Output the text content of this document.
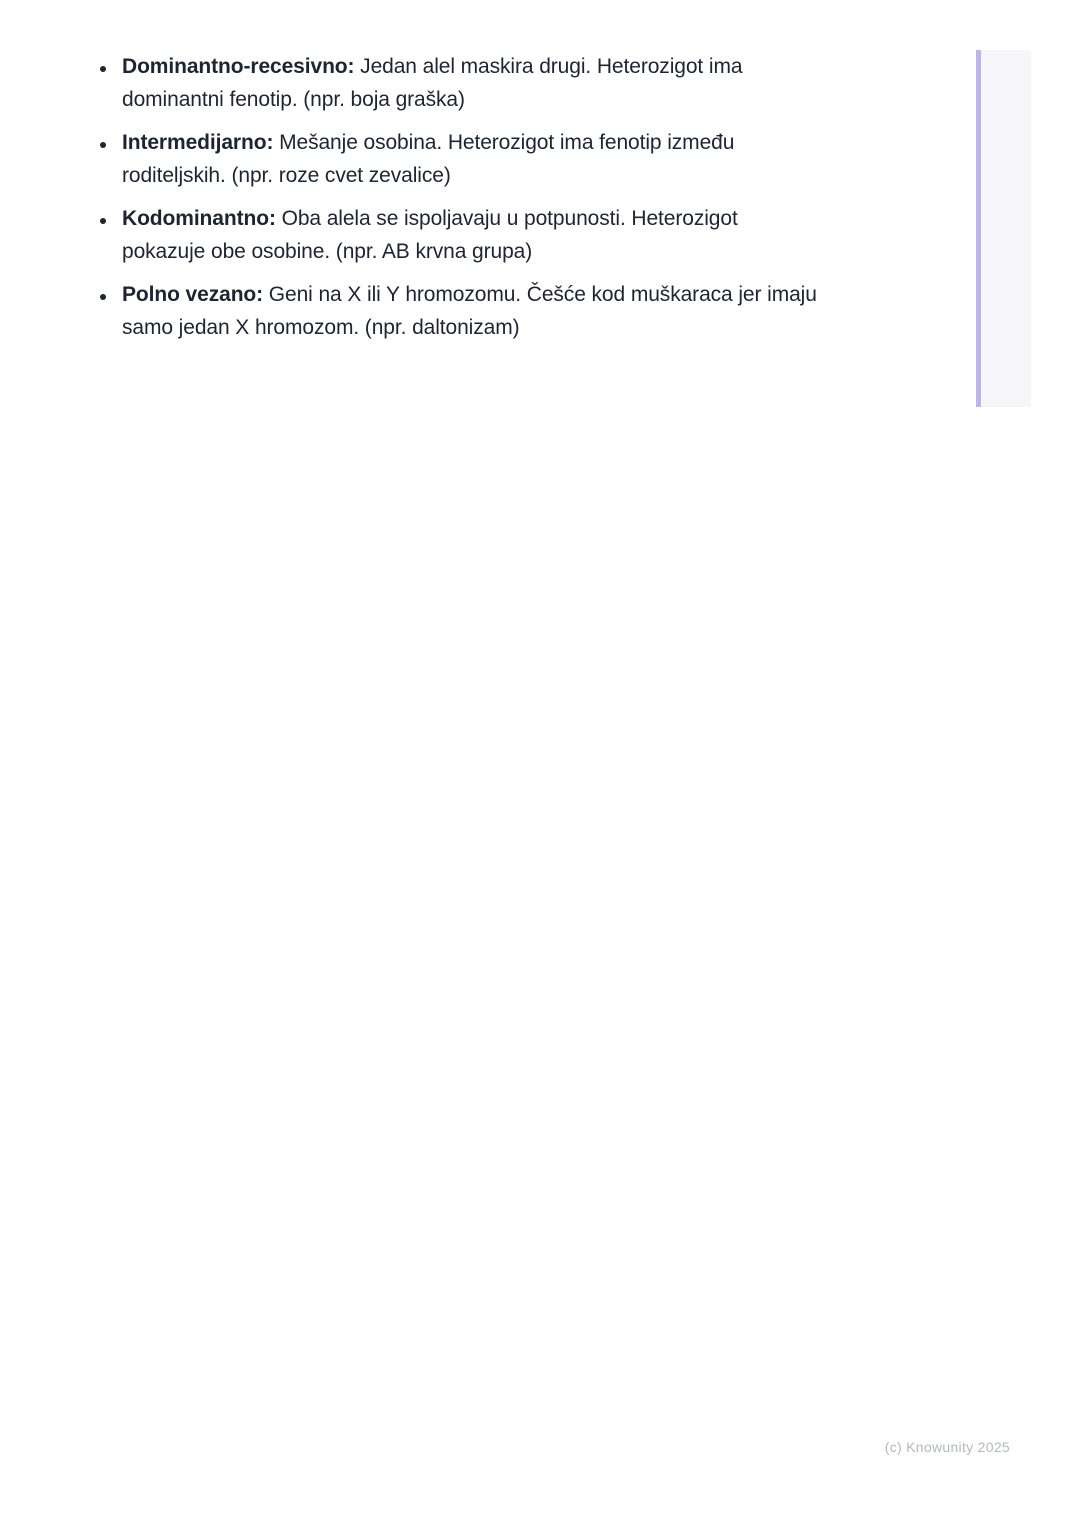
Dominantno-recesivno: Jedan alel maskira drugi. Heterozigot ima
dominantni fenotip. (npr. boja graška)
Intermedijarno: Mešanje osobina. Heterozigot ima fenotip između
roditeljskih. (npr. roze cvet zevalice)
Kodominantno: Oba alela se ispoljavaju u potpunosti. Heterozigot
pokazuje obe osobine. (npr. AB krvna grupa)
Polno vezano: Geni na X ili Y hromozomu. Češće kod muškaraca jer imaju
samo jedan X hromozom. (npr. daltonizam)
(c) Knowunity 2025
